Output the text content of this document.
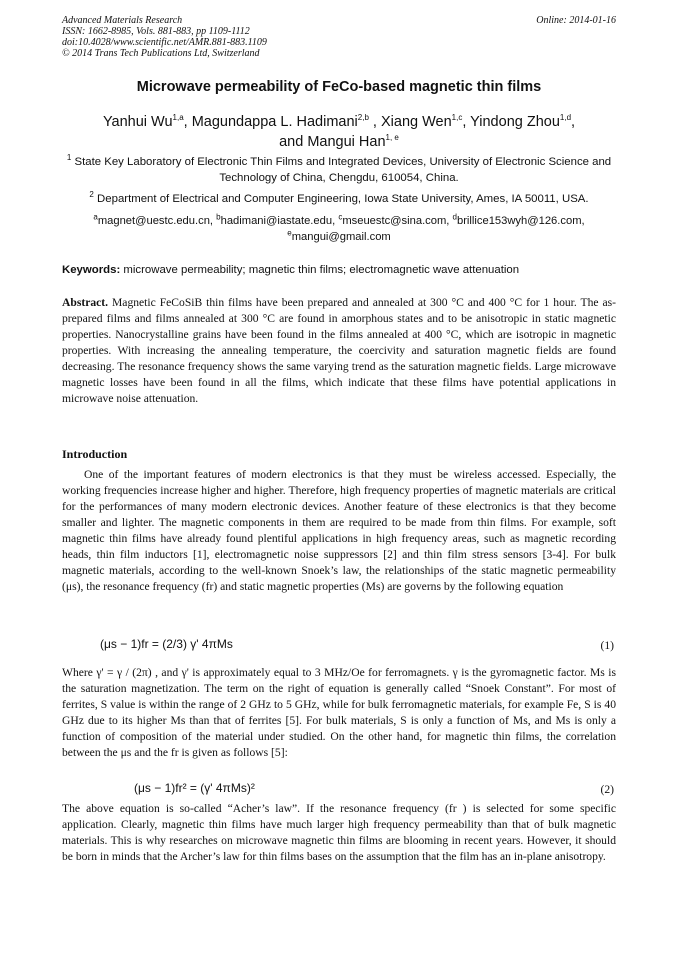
Advanced Materials Research
ISSN: 1662-8985, Vols. 881-883, pp 1109-1112
doi:10.4028/www.scientific.net/AMR.881-883.1109
© 2014 Trans Tech Publications Ltd, Switzerland
Online: 2014-01-16
Microwave permeability of FeCo-based magnetic thin films
Yanhui Wu$^{1,a}$, Magundappa L. Hadimani$^{2,b}$ , Xiang Wen$^{1,c}$, Yindong Zhou$^{1,d}$,
and Mangui Han$^{1, e}$
$^1$ State Key Laboratory of Electronic Thin Films and Integrated Devices, University of Electronic Science and Technology of China, Chengdu, 610054, China.
$^2$ Department of Electrical and Computer Engineering, Iowa State University, Ames, IA 50011, USA.
$^a$magnet@uestc.edu.cn, $^b$hadimani@iastate.edu, $^c$mseuestc@sina.com, $^d$brillice153wyh@126.com,
$^e$mangui@gmail.com
Keywords: microwave permeability; magnetic thin films; electromagnetic wave attenuation
Abstract. Magnetic FeCoSiB thin films have been prepared and annealed at 300 °C and 400 °C for 1 hour. The as-prepared films and films annealed at 300 °C are found in amorphous states and to be anisotropic in static magnetic properties. Nanocrystalline grains have been found in the films annealed at 400 °C, which are isotropic in magnetic properties. With increasing the annealing temperature, the coercivity and saturation magnetic fields are found decreasing. The resonance frequency shows the same varying trend as the saturation magnetic fields. Large microwave magnetic losses have been found in all the films, which indicate that these films have potential applications in microwave noise attenuation.
Introduction
One of the important features of modern electronics is that they must be wireless accessed. Especially, the working frequencies increase higher and higher. Therefore, high frequency properties of magnetic materials are critical for the performances of many modern electronic devices. Another feature of these electronics is that they become smaller and lighter. The magnetic components in them are required to be made from thin films. For example, soft magnetic thin films have already found plentiful applications in high frequency areas, such as magnetic recording heads, thin film inductors [1], electromagnetic noise suppressors [2] and thin film stress sensors [3-4]. For bulk magnetic materials, according to the well-known Snoek’s law, the relationships of the static magnetic permeability (μs), the resonance frequency (fr) and static magnetic properties (Ms) are governs by the following equation
(μs − 1)fr = (2/3) γ' 4πMs	(1)
Where γ' = γ / (2π) , and γ' is approximately equal to 3 MHz/Oe for ferromagnets. γ is the gyromagnetic factor. Ms is the saturation magnetization. The term on the right of equation is generally called “Snoek Constant”. For most of ferrites, S value is within the range of 2 GHz to 5 GHz, while for bulk ferromagnetic materials, for example Fe, S is 40 GHz due to its higher Ms than that of ferrites [5]. For bulk materials, S is only a function of Ms, and Ms is only a function of composition of the material under studied. On the other hand, for magnetic thin films, the correlation between the μs and the fr is given as follows [5]:
(μs − 1)fr² = (γ' 4πMs)²	(2)
The above equation is so-called “Acher’s law”. If the resonance frequency (fr ) is selected for some specific application. Clearly, magnetic thin films have much larger high frequency permeability than that of bulk magnetic materials. This is why researches on microwave magnetic thin films are blooming in recent years. However, it should be born in minds that the Archer’s law for thin films bases on the assumption that the film has an in-plane anisotropy.
